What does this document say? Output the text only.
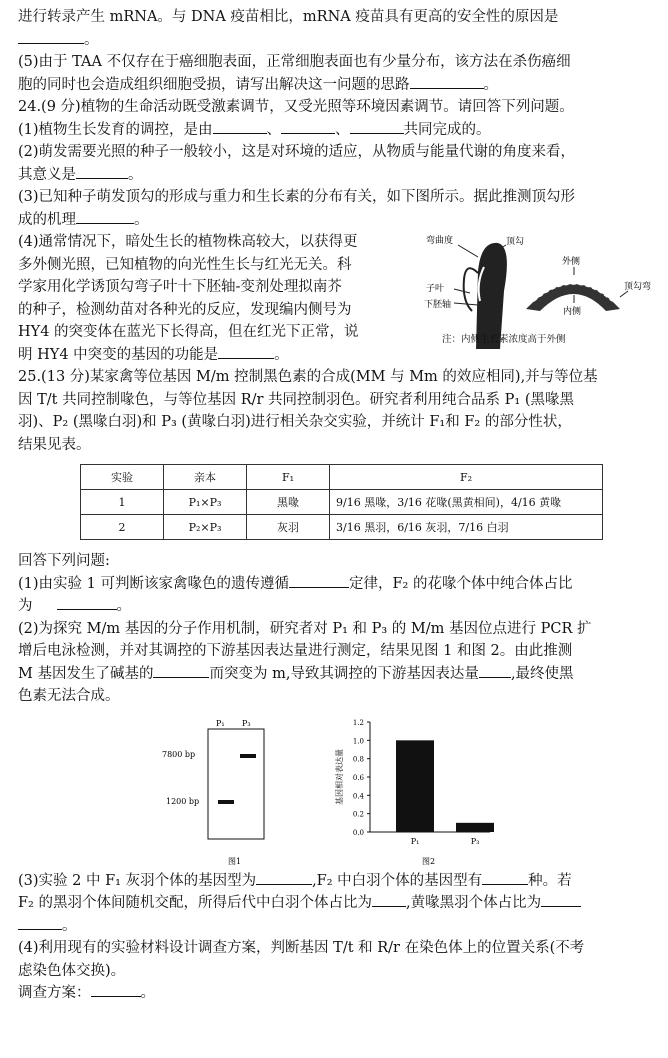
进行转录产生 mRNA。与 DNA 疫苗相比，mRNA 疫苗具有更高的安全性的原因是

。

(5)由于 TAA 不仅存在于癌细胞表面，正常细胞表面也有少量分布，该方法在杀伤癌细

胞的同时也会造成组织细胞受损，请写出解决这一问题的思路	。

24.(9 分)植物的生命活动既受激素调节，又受光照等环境因素调节。请回答下列问题。

(1)植物生长发育的调控，是由	、	、	共同完成的。

(2)萌发需要光照的种子一般较小，这是对环境的适应，从物质与能量代谢的角度来看，

其意义是	。

(3)已知种子萌发顶勾的形成与重力和生长素的分布有关，如下图所示。据此推测顶勾形

成的机理	。

(4)通常情况下，暗处生长的植物株高较大，以获得更

多外侧光照，已知植物的向光性生长与红光无关。科

学家用化学诱顶勾弯子叶十下胚轴-变剂处理拟南芥

的种子，检测幼苗对各种光的反应，发现编内侧号为

HY4 的突变体在蓝光下长得高，但在红光下正常，说

明 HY4 中突变的基因的功能是	。

弯曲度	顶勾
子叶
下胚轴
外侧
内侧
顶勾弯
注：内侧生长素浓度高于外侧

25.(13 分)某家禽等位基因 M/m 控制黑色素的合成(MM 与 Mm 的效应相同),并与等位基

因 T/t 共同控制喙色，与等位基因 R/r 共同控制羽色。研究者利用纯合品系 P₁ (黑喙黑

羽)、P₂ (黑喙白羽)和 P₃ (黄喙白羽)进行相关杂交实验，并统计 F₁和 F₂ 的部分性状，

结果见表。

实验	亲本	F₁	F₂
1	P₁×P₃	黑喙	9/16 黑喙，3/16 花喙(黑黄相间)，4/16 黄喙
2	P₂×P₃	灰羽	3/16 黑羽，6/16 灰羽，7/16 白羽

回答下列问题:

(1)由实验 1 可判断该家禽喙色的遗传遵循	定律，F₂ 的花喙个体中纯合体占比

为	。

(2)为探究 M/m 基因的分子作用机制，研究者对 P₁ 和 P₃ 的 M/m 基因位点进行 PCR 扩

增后电泳检测，并对其调控的下游基因表达量进行测定，结果见图 1 和图 2。由此推测

M 基因发生了碱基的	而突变为 m,导致其调控的下游基因表达量 ,最终使黑

色素无法合成。

P₁ P₃
7800 bp
1200 bp
图1
0.0
0.2
0.4
0.6
0.8
1.0
1.2
P₁	P₃
基因相对表达量
图2

(3)实验 2 中 F₁ 灰羽个体的基因型为	,F₂ 中白羽个体的基因型有	种。若

F₂ 的黑羽个体间随机交配，所得后代中白羽个体占比为 ,黄喙黑羽个体占比为

。

(4)利用现有的实验材料设计调查方案，判断基因 T/t 和 R/r 在染色体上的位置关系(不考

虑染色体交换)。

调查方案：	。
